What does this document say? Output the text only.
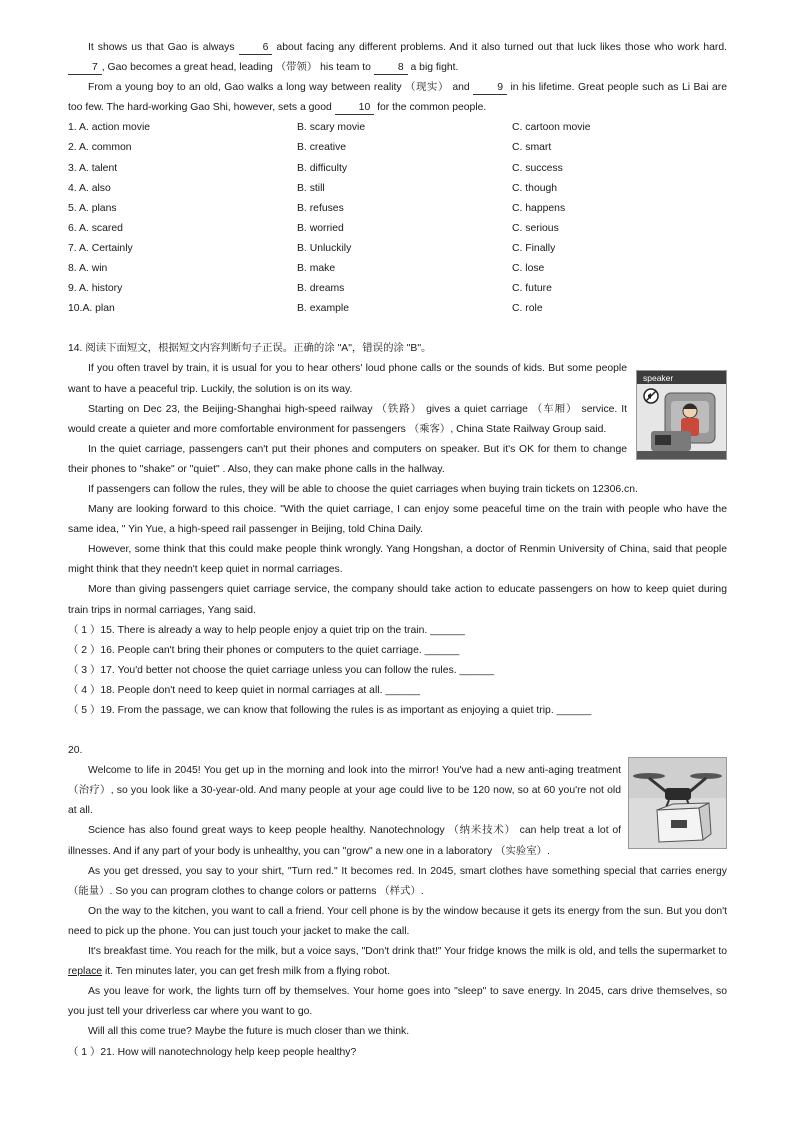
It shows us that Gao is always	6 about facing any different problems. And it also turned out that luck likes those who work hard. 7 , Gao becomes a great head, leading （带领） his team to	8 a big fight.

From a young boy to an old, Gao walks a long way between reality （现实） and	9 in his lifetime. Great people such as Li Bai are too few. The hard-working Gao Shi, however, sets a good	10 for the common people.

1. A. action movie	B. scary movie	C. cartoon movie
2. A. common	B. creative	C. smart
3. A. talent	B. difficulty	C. success
4. A. also	B. still	C. though
5. A. plans	B. refuses	C. happens
6. A. scared	B. worried	C. serious
7. A. Certainly	B. Unluckily	C. Finally
8. A. win	B. make	C. lose
9. A. history	B. dreams	C. future
10.A. plan	B. example	C. role

14. 阅读下面短文，根据短文内容判断句子正误。正确的涂 "A"，错误的涂 "B"。

If you often travel by train, it is usual for you to hear others' loud phone calls or the sounds of kids. But some people want to have a peaceful trip. Luckily, the solution is on its way.

Starting on Dec 23, the Beijing-Shanghai high-speed railway （铁路） gives a quiet carriage （车厢） service. It would create a quieter and more comfortable environment for passengers （乘客）, China State Railway Group said.

In the quiet carriage, passengers can't put their phones and computers on speaker. But it's OK for them to change their phones to "shake" or "quiet" . Also, they can make phone calls in the hallway.

If passengers can follow the rules, they will be able to choose the quiet carriages when buying train tickets on 12306.cn.

Many are looking forward to this choice. "With the quiet carriage, I can enjoy some peaceful time on the train with people who have the same idea, " Yin Yue, a high-speed rail passenger in Beijing, told China Daily.

However, some think that this could make people think wrongly. Yang Hongshan, a doctor of Renmin University of China, said that people might think that they needn't keep quiet in normal carriages.

More than giving passengers quiet carriage service, the company should take action to educate passengers on how to keep quiet during train trips in normal carriages, Yang said.

（ 1 ）15. There is already a way to help people enjoy a quiet trip on the train. ______

（ 2 ）16. People can't bring their phones or computers to the quiet carriage. ______

（ 3 ）17. You'd better not choose the quiet carriage unless you can follow the rules. ______

（ 4 ）18. People don't need to keep quiet in normal carriages at all. ______

（ 5 ）19. From the passage, we can know that following the rules is as important as enjoying a quiet trip. ______

20.

Welcome to life in 2045! You get up in the morning and look into the mirror! You've had a new anti-aging treatment （治疗）, so you look like a 30-year-old. And many people at your age could live to be 120 now, so at 60 you're not old at all.

Science has also found great ways to keep people healthy. Nanotechnology （纳米技术） can help treat a lot of illnesses. And if any part of your body is unhealthy, you can "grow" a new one in a laboratory （实验室）.

As you get dressed, you say to your shirt, "Turn red." It becomes red. In 2045, smart clothes have something special that carries energy （能量）. So you can program clothes to change colors or patterns （样式）.

On the way to the kitchen, you want to call a friend. Your cell phone is by the window because it gets its energy from the sun. But you don't need to pick up the phone. You can just touch your jacket to make the call.

It's breakfast time. You reach for the milk, but a voice says, "Don't drink that!" Your fridge knows the milk is old, and tells the supermarket to replace it. Ten minutes later, you can get fresh milk from a flying robot.

As you leave for work, the lights turn off by themselves. Your home goes into "sleep" to save energy. In 2045, cars drive themselves, so you just tell your driverless car where you want to go.

Will all this come true? Maybe the future is much closer than we think.

（ 1 ）21. How will nanotechnology help keep people healthy?

speaker
